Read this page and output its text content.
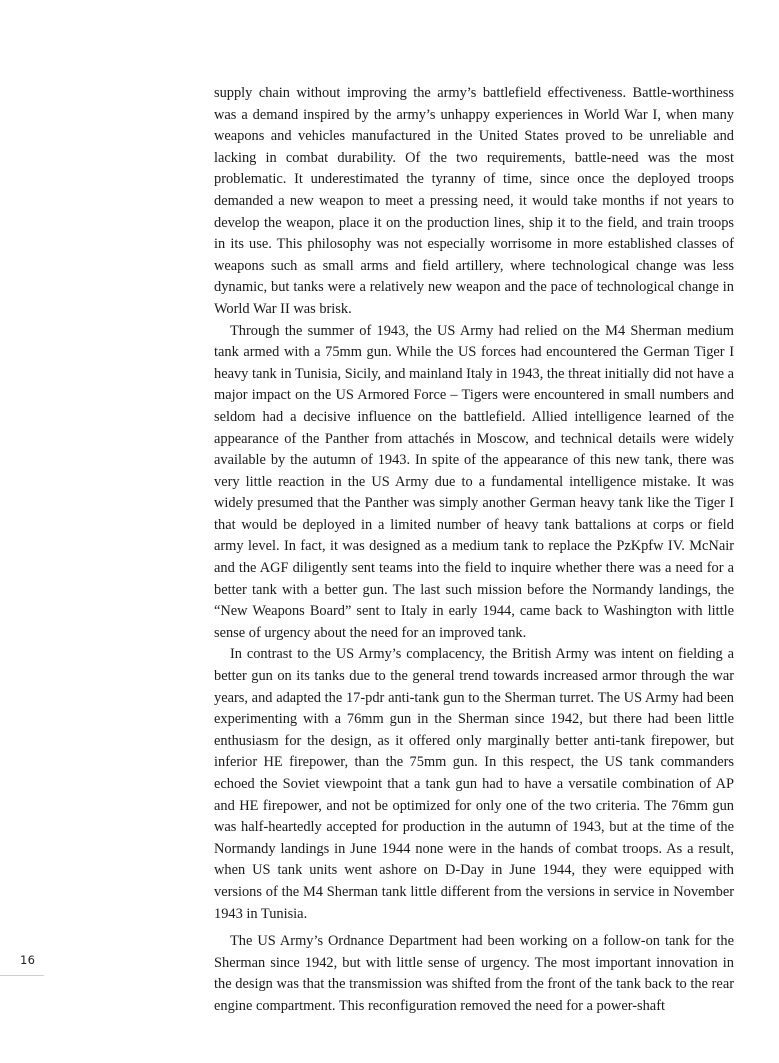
supply chain without improving the army’s battlefield effectiveness. Battle-worthiness was a demand inspired by the army’s unhappy experiences in World War I, when many weapons and vehicles manufactured in the United States proved to be unreliable and lacking in combat durability. Of the two requirements, battle-need was the most problematic. It underestimated the tyranny of time, since once the deployed troops demanded a new weapon to meet a pressing need, it would take months if not years to develop the weapon, place it on the production lines, ship it to the field, and train troops in its use. This philosophy was not especially worrisome in more established classes of weapons such as small arms and field artillery, where technological change was less dynamic, but tanks were a relatively new weapon and the pace of technological change in World War II was brisk.

Through the summer of 1943, the US Army had relied on the M4 Sherman medium tank armed with a 75mm gun. While the US forces had encountered the German Tiger I heavy tank in Tunisia, Sicily, and mainland Italy in 1943, the threat initially did not have a major impact on the US Armored Force – Tigers were encountered in small numbers and seldom had a decisive influence on the battlefield. Allied intelligence learned of the appearance of the Panther from attachés in Moscow, and technical details were widely available by the autumn of 1943. In spite of the appearance of this new tank, there was very little reaction in the US Army due to a fundamental intelligence mistake. It was widely presumed that the Panther was simply another German heavy tank like the Tiger I that would be deployed in a limited number of heavy tank battalions at corps or field army level. In fact, it was designed as a medium tank to replace the PzKpfw IV. McNair and the AGF diligently sent teams into the field to inquire whether there was a need for a better tank with a better gun. The last such mission before the Normandy landings, the “New Weapons Board” sent to Italy in early 1944, came back to Washington with little sense of urgency about the need for an improved tank.

In contrast to the US Army’s complacency, the British Army was intent on fielding a better gun on its tanks due to the general trend towards increased armor through the war years, and adapted the 17-pdr anti-tank gun to the Sherman turret. The US Army had been experimenting with a 76mm gun in the Sherman since 1942, but there had been little enthusiasm for the design, as it offered only marginally better anti-tank firepower, but inferior HE firepower, than the 75mm gun. In this respect, the US tank commanders echoed the Soviet viewpoint that a tank gun had to have a versatile combination of AP and HE firepower, and not be optimized for only one of the two criteria. The 76mm gun was half-heartedly accepted for production in the autumn of 1943, but at the time of the Normandy landings in June 1944 none were in the hands of combat troops. As a result, when US tank units went ashore on D-Day in June 1944, they were equipped with versions of the M4 Sherman tank little different from the versions in service in November 1943 in Tunisia.

The US Army’s Ordnance Department had been working on a follow-on tank for the Sherman since 1942, but with little sense of urgency. The most important innovation in the design was that the transmission was shifted from the front of the tank back to the rear engine compartment. This reconfiguration removed the need for a power-shaft

16
